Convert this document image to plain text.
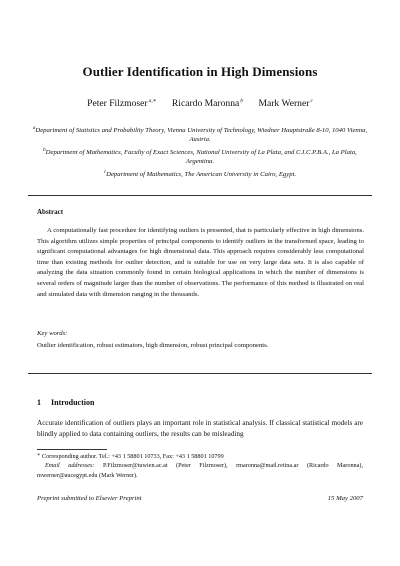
Outlier Identification in High Dimensions
Peter Filzmoser$^{a,∗}$ Ricardo Maronna$^b$ Mark Werner$^c$
$^a$Department of Statistics and Probability Theory, Vienna University of Technology, Wiedner Hauptstraße 8-10, 1040 Vienna, Austria.
$^b$Department of Mathematics, Faculty of Exact Sciences, National University of La Plata, and C.I.C.P.B.A., La Plata, Argentina.
$^c$Department of Mathematics, The American University in Cairo, Egypt.
Abstract
A computationally fast procedure for identifying outliers is presented, that is particularly effective in high dimensions. This algorithm utilizes simple properties of principal components to identify outliers in the transformed space, leading to significant computational advantages for high dimensional data. This approach requires considerably less computational time than existing methods for outlier detection, and is suitable for use on very large data sets. It is also capable of analyzing the data situation commonly found in certain biological applications in which the number of dimensions is several orders of magnitude larger than the number of observations. The performance of this method is illustrated on real and simulated data with dimension ranging in the thousands.
Key words:
Outlier identification, robust estimators, high dimension, robust principal components.
1 Introduction
Accurate identification of outliers plays an important role in statistical analysis. If classical statistical models are blindly applied to data containing outliers, the results can be misleading
∗ Corresponding author. Tel.: +43 1 58801 10733, Fax: +43 1 58801 10799
Email addresses: P.Filzmoser@tuwien.ac.at (Peter Filzmoser), rmaronna@mail.retina.ar (Ricardo Maronna), mwerner@aucegypt.edu (Mark Werner).
Preprint submitted to Elsevier Preprint	15 May 2007
